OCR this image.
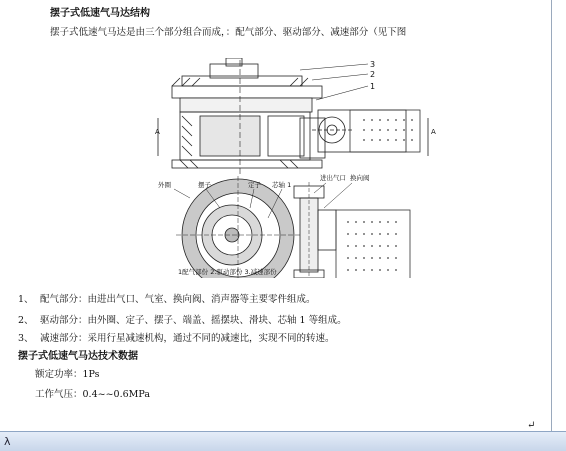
摆子式低速气马达结构
摆子式低速气马达是由三个部分组合而成，：配气部分、驱动部分、减速部分（见下图
A	A
3
2
1
外圈	摆子	定子 芯轴 1
进出气口 换向阀
1配气部份 2.驱动部份 3.减速部份
1、 配气部分：由进出气口、气室、换向阀、消声器等主要零件组成。
2、 驱动部分：由外圈、定子、摆子、端盖、摇摆块、滑块、芯轴 1 等组成。
3、 减速部分：采用行星减速机构，通过不同的减速比，实现不同的转速。
摆子式低速气马达技术数据
额定功率：1Ps
工作气压：0.4~~0.6MPa
↵
λ
